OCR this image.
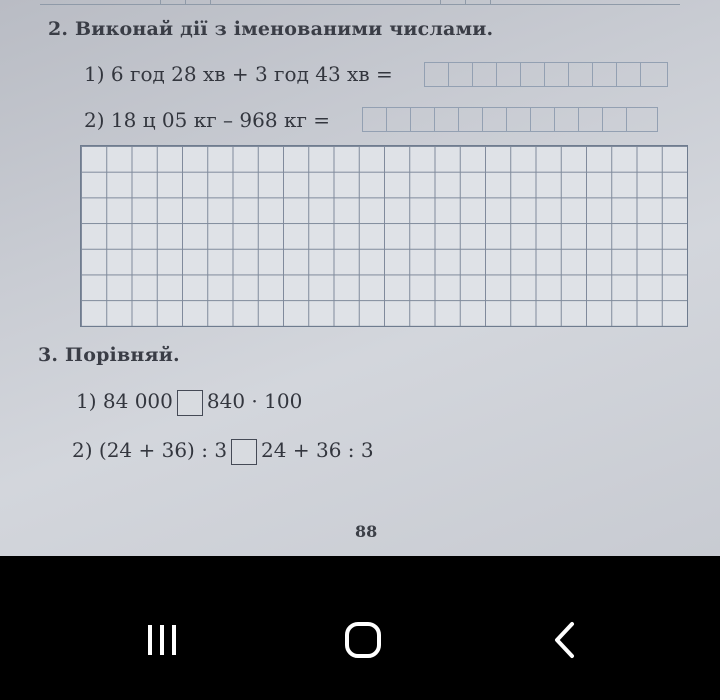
2. Виконай дії з іменованими числами.
1) 6 год 28 хв + 3 год 43 хв =
2) 18 ц 05 кг – 968 кг =
3. Порівняй.
1) 84 000 840 · 100
2) (24 + 36) : 3 24 + 36 : 3
88
